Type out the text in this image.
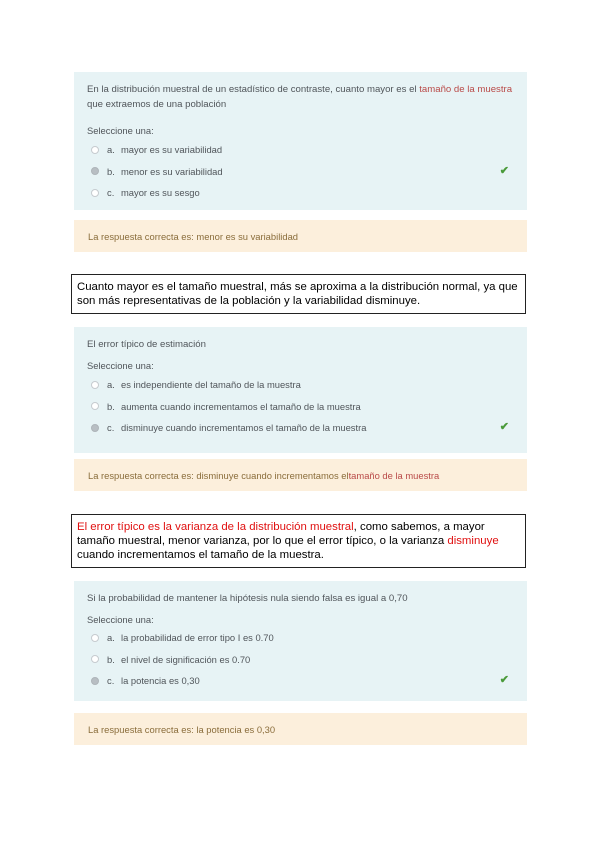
En la distribución muestral de un estadístico de contraste, cuanto mayor es el tamaño de la muestra
que extraemos de una población
Seleccione una:
a. mayor es su variabilidad
b. menor es su variabilidad	✔
c. mayor es su sesgo
La respuesta correcta es: menor es su variabilidad
Cuanto mayor es el tamaño muestral, más se aproxima a la distribución normal, ya que son más representativas de la población y la variabilidad disminuye.
El error típico de estimación
Seleccione una:
a. es independiente del tamaño de la muestra
b. aumenta cuando incrementamos el tamaño de la muestra
c. disminuye cuando incrementamos el tamaño de la muestra	✔
La respuesta correcta es: disminuye cuando incrementamos el tamaño de la muestra
El error típico es la varianza de la distribución muestral, como sabemos, a mayor tamaño muestral, menor varianza, por lo que el error típico, o la varianza disminuye cuando incrementamos el tamaño de la muestra.
Si la probabilidad de mantener la hipótesis nula siendo falsa es igual a 0,70
Seleccione una:
a. la probabilidad de error tipo I es 0.70
b. el nivel de significación es 0.70
c. la potencia es 0,30	✔
La respuesta correcta es: la potencia es 0,30
